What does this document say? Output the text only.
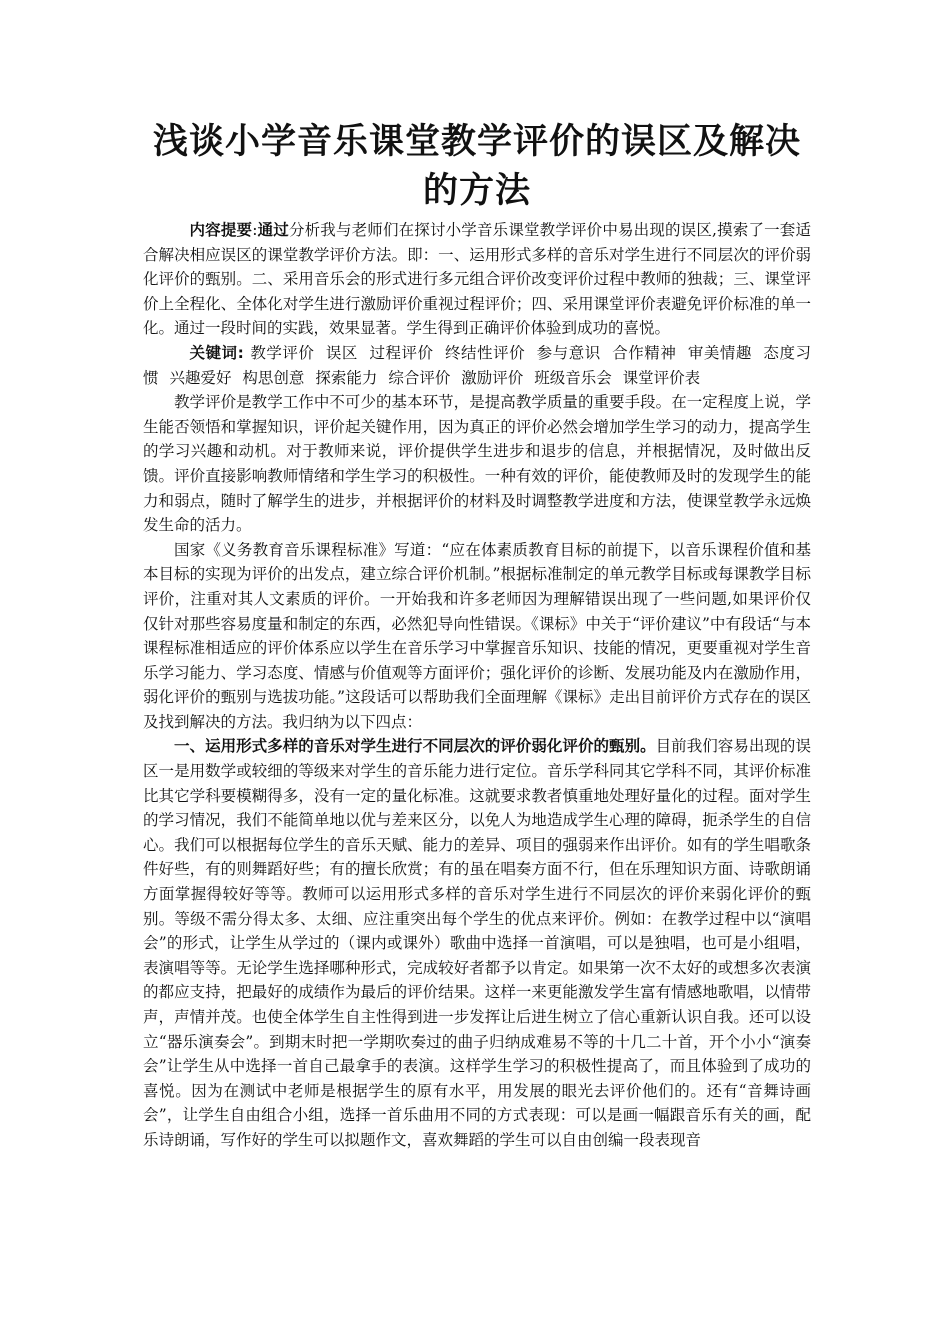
浅谈小学音乐课堂教学评价的误区及解决的方法

内容提要:通过分析我与老师们在探讨小学音乐课堂教学评价中易出现的误区,摸索了一套适合解决相应误区的课堂教学评价方法。即：一、运用形式多样的音乐对学生进行不同层次的评价弱化评价的甄别。二、采用音乐会的形式进行多元组合评价改变评价过程中教师的独裁；三、课堂评价上全程化、全体化对学生进行激励评价重视过程评价；四、采用课堂评价表避免评价标准的单一化。通过一段时间的实践，效果显著。学生得到正确评价体验到成功的喜悦。

关键词: 教学评价 误区 过程评价 终结性评价 参与意识 合作精神 审美情趣 态度习惯 兴趣爱好 构思创意 探索能力 综合评价 激励评价 班级音乐会 课堂评价表

教学评价是教学工作中不可少的基本环节，是提高教学质量的重要手段。在一定程度上说，学生能否领悟和掌握知识，评价起关键作用，因为真正的评价必然会增加学生学习的动力，提高学生的学习兴趣和动机。对于教师来说，评价提供学生进步和退步的信息，并根据情况，及时做出反馈。评价直接影响教师情绪和学生学习的积极性。一种有效的评价，能使教师及时的发现学生的能力和弱点，随时了解学生的进步，并根据评价的材料及时调整教学进度和方法，使课堂教学永远焕发生命的活力。

国家《义务教育音乐课程标准》写道：“应在体素质教育目标的前提下，以音乐课程价值和基本目标的实现为评价的出发点，建立综合评价机制。”根据标准制定的单元教学目标或每课教学目标评价，注重对其人文素质的评价。一开始我和许多老师因为理解错误出现了一些问题,如果评价仅仅针对那些容易度量和制定的东西，必然犯导向性错误。《课标》中关于“评价建议”中有段话“与本课程标准相适应的评价体系应以学生在音乐学习中掌握音乐知识、技能的情况，更要重视对学生音乐学习能力、学习态度、情感与价值观等方面评价；强化评价的诊断、发展功能及内在激励作用，弱化评价的甄别与选拔功能。”这段话可以帮助我们全面理解《课标》走出目前评价方式存在的误区及找到解决的方法。我归纳为以下四点：

一、运用形式多样的音乐对学生进行不同层次的评价弱化评价的甄别。目前我们容易出现的误区一是用数学或较细的等级来对学生的音乐能力进行定位。音乐学科同其它学科不同，其评价标准比其它学科要模糊得多，没有一定的量化标准。这就要求教者慎重地处理好量化的过程。面对学生的学习情况，我们不能简单地以优与差来区分，以免人为地造成学生心理的障碍，扼杀学生的自信心。我们可以根据每位学生的音乐天赋、能力的差异、项目的强弱来作出评价。如有的学生唱歌条件好些，有的则舞蹈好些；有的擅长欣赏；有的虽在唱奏方面不行，但在乐理知识方面、诗歌朗诵方面掌握得较好等等。教师可以运用形式多样的音乐对学生进行不同层次的评价来弱化评价的甄别。等级不需分得太多、太细、应注重突出每个学生的优点来评价。例如：在教学过程中以“演唱会”的形式，让学生从学过的（课内或课外）歌曲中选择一首演唱，可以是独唱，也可是小组唱，表演唱等等。无论学生选择哪种形式，完成较好者都予以肯定。如果第一次不太好的或想多次表演的都应支持，把最好的成绩作为最后的评价结果。这样一来更能激发学生富有情感地歌唱，以情带声，声情并茂。也使全体学生自主性得到进一步发挥让后进生树立了信心重新认识自我。还可以设立“器乐演奏会”。到期末时把一学期吹奏过的曲子归纳成难易不等的十几二十首，开个小小“演奏会”让学生从中选择一首自己最拿手的表演。这样学生学习的积极性提高了，而且体验到了成功的喜悦。因为在测试中老师是根据学生的原有水平，用发展的眼光去评价他们的。还有“音舞诗画会”，让学生自由组合小组，选择一首乐曲用不同的方式表现：可以是画一幅跟音乐有关的画，配乐诗朗诵，写作好的学生可以拟题作文，喜欢舞蹈的学生可以自由创编一段表现音
